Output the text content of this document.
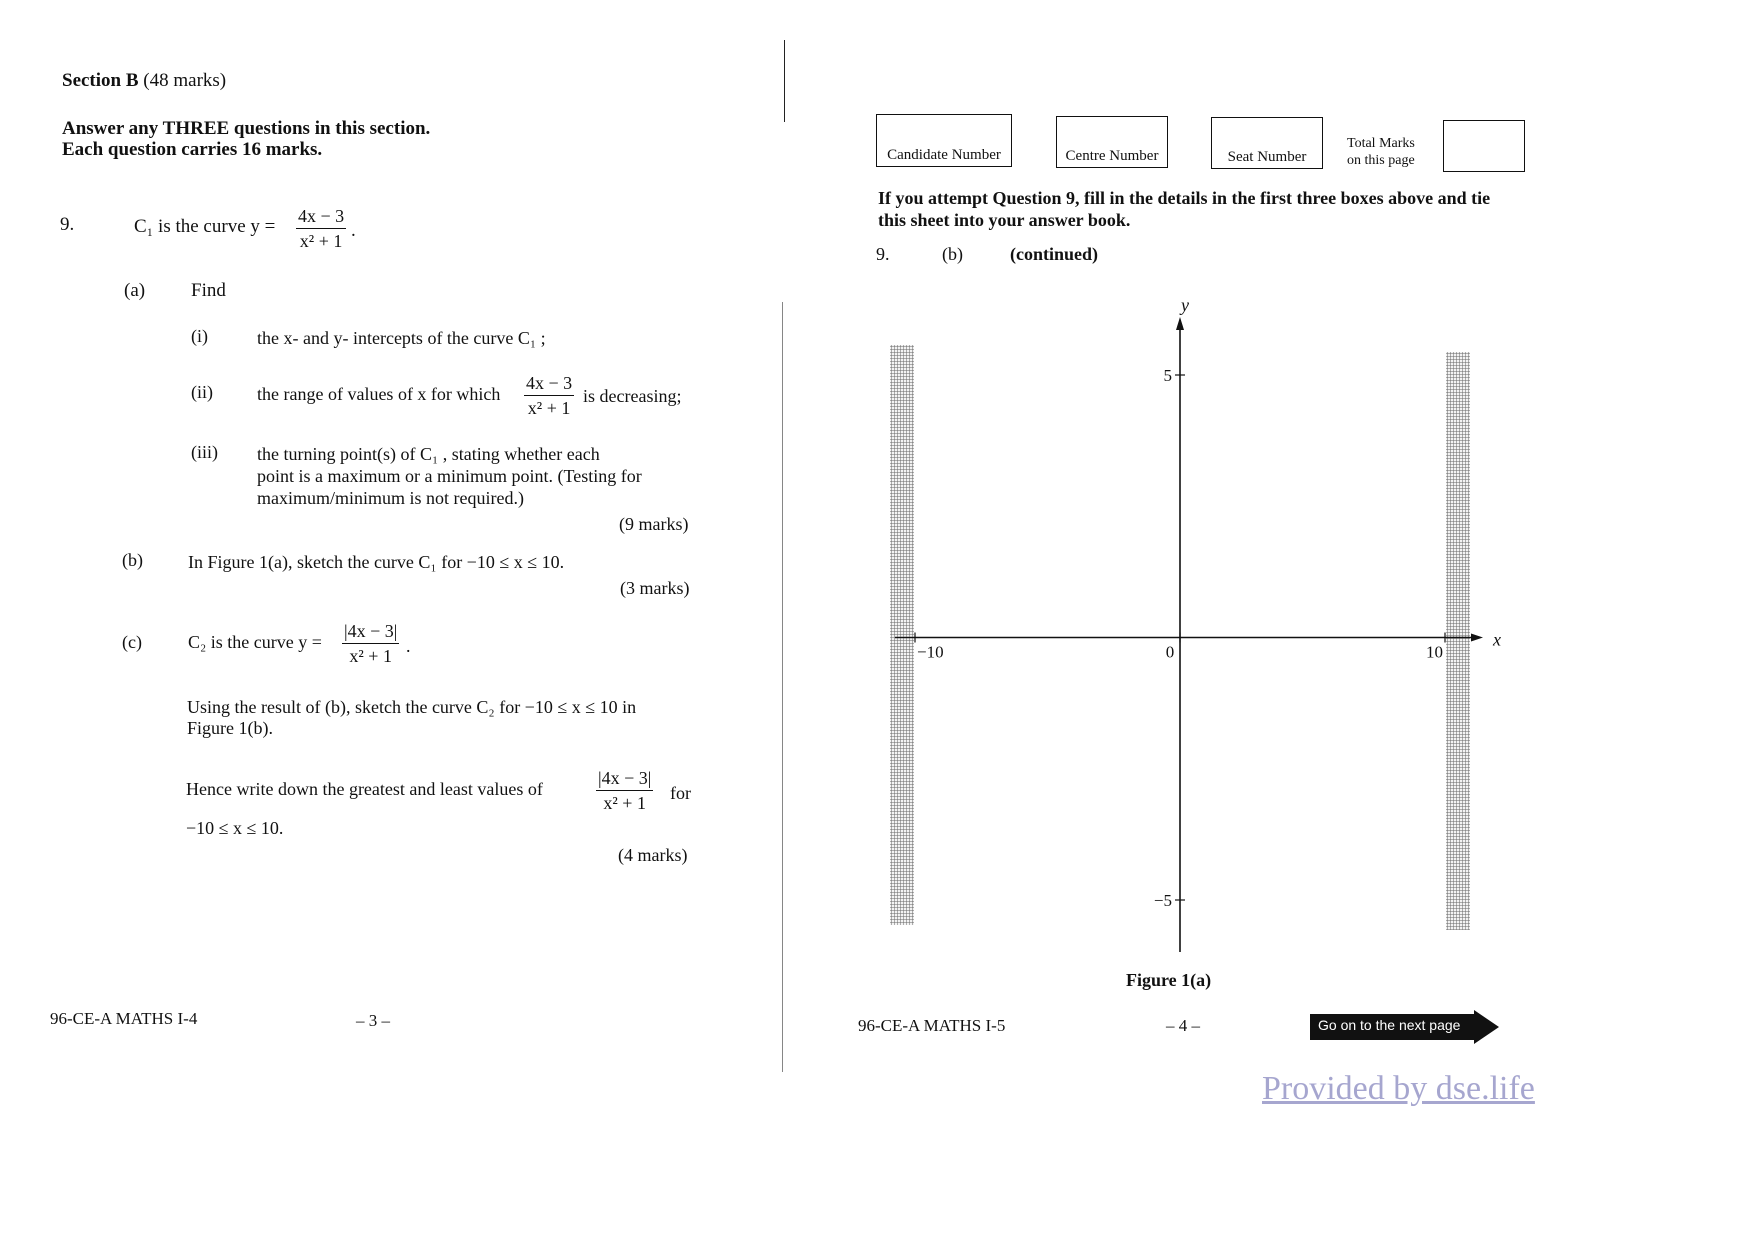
Section B (48 marks)
Answer any THREE questions in this section.
Each question carries 16 marks.
9.	C₁ is the curve $y = \frac{4x - 3}{\text{x² + 1}}$ .
(a) Find
(i)	the x- and y- intercepts of the curve C₁ ;
(ii) the range of values of x for which $\frac{4x - 3}{\text{x² + 1}}$ is decreasing;
(iii) the turning point(s) of C₁ , stating whether each
point is a maximum or a minimum point. (Testing for
maximum/minimum is not required.)
(9 marks)
(b)	In Figure 1(a), sketch the curve C₁ for −10 ≤ x ≤ 10.
(3 marks)
(c)	C₂ is the curve $y = \frac{|4x - 3|}{\text{x² + 1}}$ .
Using the result of (b), sketch the curve C₂ for −10 ≤ x ≤ 10 in
Figure 1(b).
Hence write down the greatest and least values of	$\frac{|4x - 3|}{\text{x² + 1}}$ for
−10 ≤ x ≤ 10.
(4 marks)
96-CE-A MATHS I-4	– 3 –
Candidate Number	Centre Number	Seat Number
Total Marks
on this page
If you attempt Question 9, fill in the details in the first three boxes above and tie
this sheet into your answer book.
9.	(b)	(continued)
x
y
−10	0	10
5
−5
Figure 1(a)
96-CE-A MATHS I-5	– 4 –	Go on to the next page
Provided by dse.life
